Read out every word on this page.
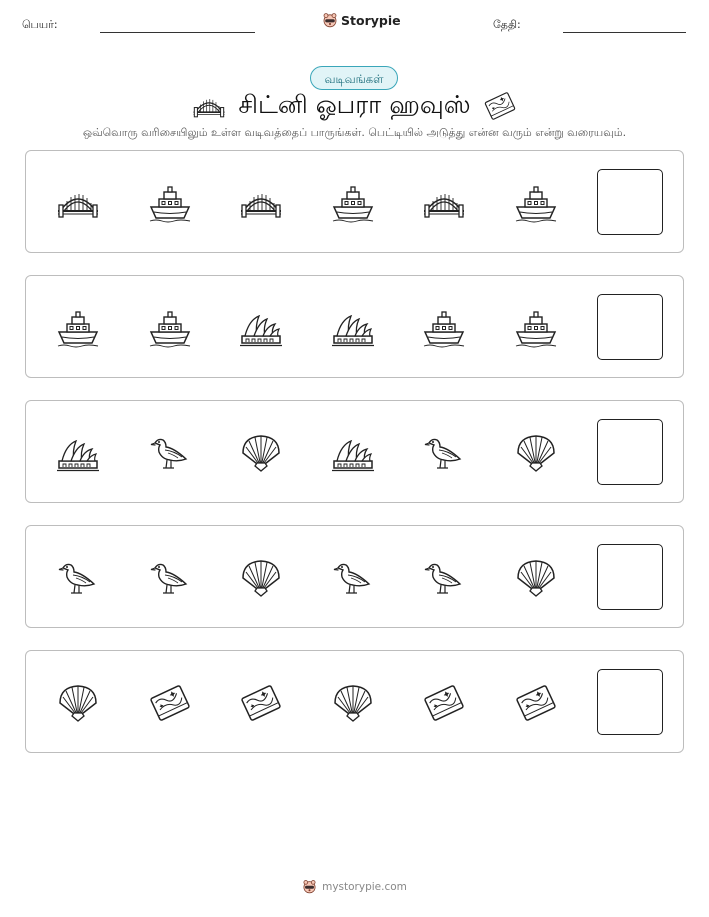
பெயர்:	Storypie	தேதி:
வடிவங்கள்
சிட்னி ஓபரா ஹவுஸ்
ஒவ்வொரு வரிசையிலும் உள்ள வடிவத்தைப் பாருங்கள். பெட்டியில் அடுத்து என்ன வரும் என்று வரையவும்.
mystorypie.com
